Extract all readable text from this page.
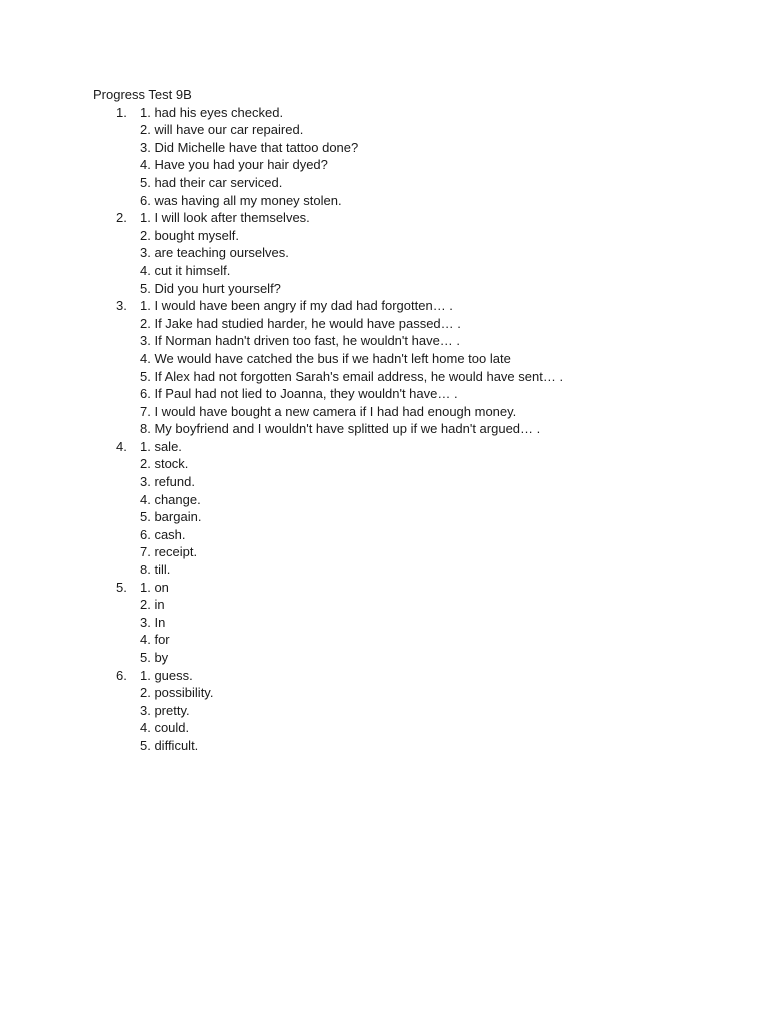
Progress Test 9B
1. 1. had his eyes checked.
2. will have our car repaired.
3. Did Michelle have that tattoo done?
4. Have you had your hair dyed?
5. had their car serviced.
6. was having all my money stolen.
2. 1. I will look after themselves.
2. bought myself.
3. are teaching ourselves.
4. cut it himself.
5. Did you hurt yourself?
3. 1. I would have been angry if my dad had forgotten… .
2. If Jake had studied harder, he would have passed… .
3. If Norman hadn't driven too fast, he wouldn't have… .
4. We would have catched the bus if we hadn't left home too late
5. If Alex had not forgotten Sarah's email address, he would have sent… .
6. If Paul had not lied to Joanna, they wouldn't have… .
7. I would have bought a new camera if I had had enough money.
8. My boyfriend and I wouldn't have splitted up if we hadn't argued… .
4. 1. sale.
2. stock.
3. refund.
4. change.
5. bargain.
6. cash.
7. receipt.
8. till.
5. 1. on
2. in
3. In
4. for
5. by
6. 1. guess.
2. possibility.
3. pretty.
4. could.
5. difficult.
